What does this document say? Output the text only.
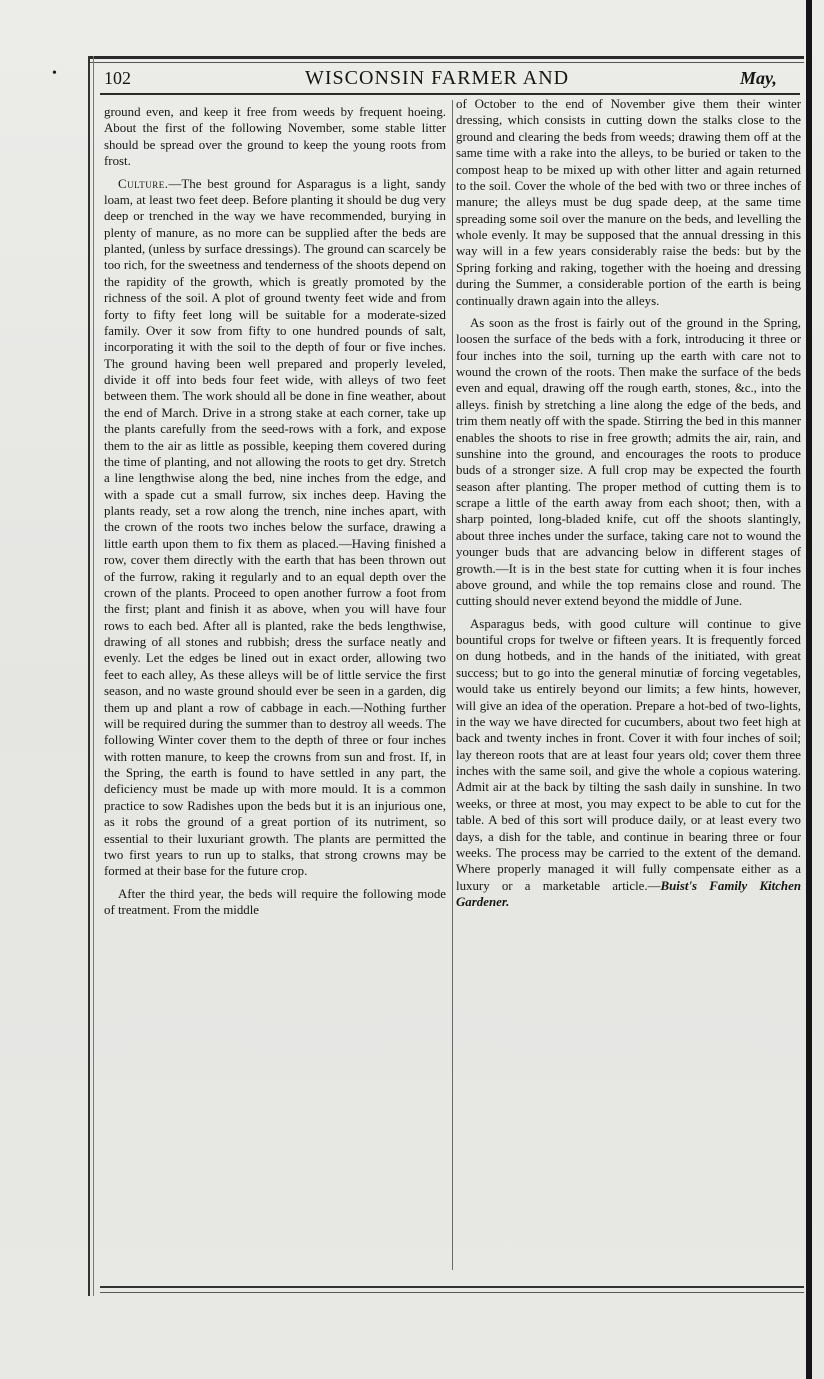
•	102	WISCONSIN FARMER AND	May,

ground even, and keep it free from weeds by frequent hoeing. About the first of the following November, some stable litter should be spread over the ground to keep the young roots from frost.

Culture.—The best ground for Asparagus is a light, sandy loam, at least two feet deep. Before planting it should be dug very deep or trenched in the way we have recommended, burying in plenty of manure, as no more can be supplied after the beds are planted, (unless by surface dressings). The ground can scarcely be too rich, for the sweetness and tenderness of the shoots depend on the rapidity of the growth, which is greatly promoted by the richness of the soil. A plot of ground twenty feet wide and from forty to fifty feet long will be suitable for a moderate-sized family. Over it sow from fifty to one hundred pounds of salt, incorporating it with the soil to the depth of four or five inches. The ground having been well prepared and properly leveled, divide it off into beds four feet wide, with alleys of two feet between them. The work should all be done in fine weather, about the end of March. Drive in a strong stake at each corner, take up the plants carefully from the seed-rows with a fork, and expose them to the air as little as possible, keeping them covered during the time of planting, and not allowing the roots to get dry. Stretch a line lengthwise along the bed, nine inches from the edge, and with a spade cut a small furrow, six inches deep. Having the plants ready, set a row along the trench, nine inches apart, with the crown of the roots two inches below the surface, drawing a little earth upon them to fix them as placed.—Having finished a row, cover them directly with the earth that has been thrown out of the furrow, raking it regularly and to an equal depth over the crown of the plants. Proceed to open another furrow a foot from the first; plant and finish it as above, when you will have four rows to each bed. After all is planted, rake the beds lengthwise, drawing of all stones and rubbish; dress the surface neatly and evenly. Let the edges be lined out in exact order, allowing two feet to each alley, As these alleys will be of little service the first season, and no waste ground should ever be seen in a garden, dig them up and plant a row of cabbage in each.—Nothing further will be required during the summer than to destroy all weeds. The following Winter cover them to the depth of three or four inches with rotten manure, to keep the crowns from sun and frost. If, in the Spring, the earth is found to have settled in any part, the deficiency must be made up with more mould. It is a common practice to sow Radishes upon the beds but it is an injurious one, as it robs the ground of a great portion of its nutriment, so essential to their luxuriant growth. The plants are permitted the two first years to run up to stalks, that strong crowns may be formed at their base for the future crop.

After the third year, the beds will require the following mode of treatment. From the middle

of October to the end of November give them their winter dressing, which consists in cutting down the stalks close to the ground and clearing the beds from weeds; drawing them off at the same time with a rake into the alleys, to be buried or taken to the compost heap to be mixed up with other litter and again returned to the soil. Cover the whole of the bed with two or three inches of manure; the alleys must be dug spade deep, at the same time spreading some soil over the manure on the beds, and levelling the whole evenly. It may be supposed that the annual dressing in this way will in a few years considerably raise the beds: but by the Spring forking and raking, together with the hoeing and dressing during the Summer, a considerable portion of the earth is being continually drawn again into the alleys.

As soon as the frost is fairly out of the ground in the Spring, loosen the surface of the beds with a fork, introducing it three or four inches into the soil, turning up the earth with care not to wound the crown of the roots. Then make the surface of the beds even and equal, drawing off the rough earth, stones, &c., into the alleys. finish by stretching a line along the edge of the beds, and trim them neatly off with the spade. Stirring the bed in this manner enables the shoots to rise in free growth; admits the air, rain, and sunshine into the ground, and encourages the roots to produce buds of a stronger size. A full crop may be expected the fourth season after planting. The proper method of cutting them is to scrape a little of the earth away from each shoot; then, with a sharp pointed, long-bladed knife, cut off the shoots slantingly, about three inches under the surface, taking care not to wound the younger buds that are advancing below in different stages of growth.—It is in the best state for cutting when it is four inches above ground, and while the top remains close and round. The cutting should never extend beyond the middle of June.

Asparagus beds, with good culture will continue to give bountiful crops for twelve or fifteen years. It is frequently forced on dung hotbeds, and in the hands of the initiated, with great success; but to go into the general minutiæ of forcing vegetables, would take us entirely beyond our limits; a few hints, however, will give an idea of the operation. Prepare a hot-bed of two-lights, in the way we have directed for cucumbers, about two feet high at back and twenty inches in front. Cover it with four inches of soil; lay thereon roots that are at least four years old; cover them three inches with the same soil, and give the whole a copious watering. Admit air at the back by tilting the sash daily in sunshine. In two weeks, or three at most, you may expect to be able to cut for the table. A bed of this sort will produce daily, or at least every two days, a dish for the table, and continue in bearing three or four weeks. The process may be carried to the extent of the demand. Where properly managed it will fully compensate either as a luxury or a marketable article.—Buist's Family Kitchen Gardener.
